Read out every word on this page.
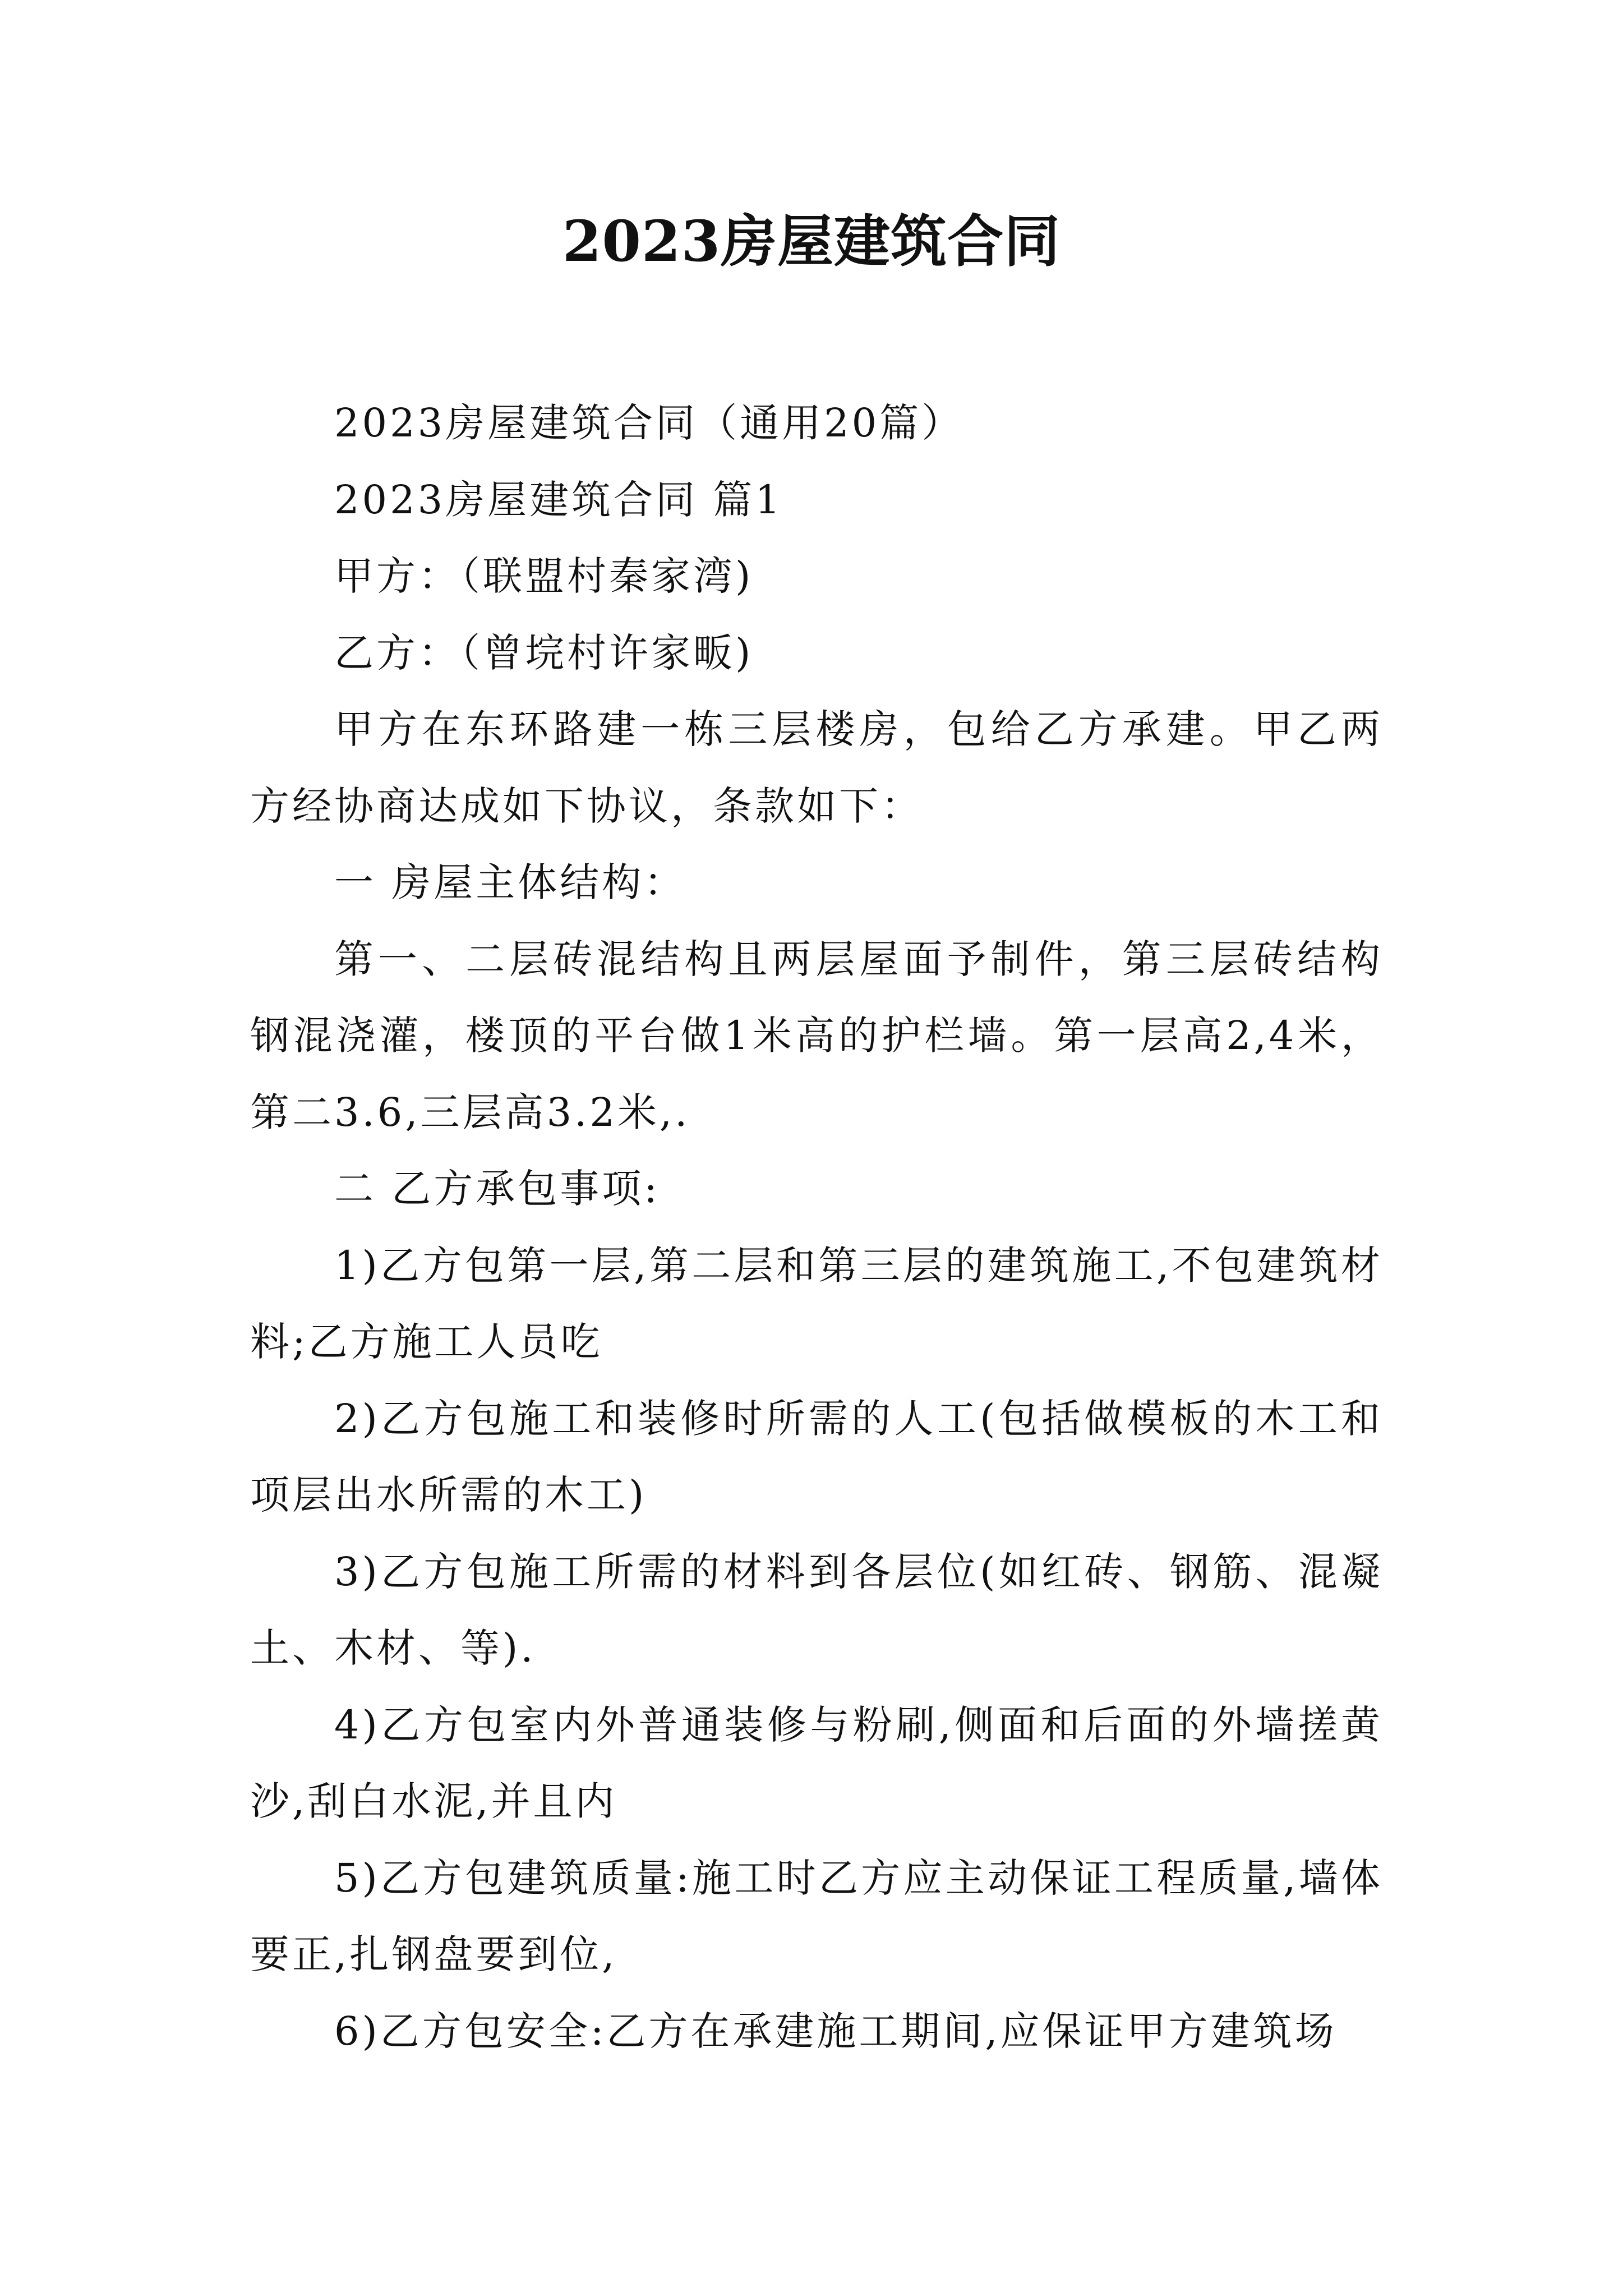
2023房屋建筑合同

2023房屋建筑合同（通用20篇）

2023房屋建筑合同 篇1

甲方：（联盟村秦家湾)

乙方：（曾垸村许家畈)

甲方在东环路建一栋三层楼房，包给乙方承建。甲乙两方经协商达成如下协议，条款如下：

一 房屋主体结构：

第一、二层砖混结构且两层屋面予制件，第三层砖结构钢混浇灌，楼顶的平台做1米高的护栏墙。第一层高2,4米，第二3.6,三层高3.2米,.

二 乙方承包事项:

1)乙方包第一层,第二层和第三层的建筑施工,不包建筑材料;乙方施工人员吃

2)乙方包施工和装修时所需的人工(包括做模板的木工和项层出水所需的木工)

3)乙方包施工所需的材料到各层位(如红砖、钢筋、混凝土、木材、等).

4)乙方包室内外普通装修与粉刷,侧面和后面的外墙搓黄沙,刮白水泥,并且内

5)乙方包建筑质量:施工时乙方应主动保证工程质量,墙体要正,扎钢盘要到位,

6)乙方包安全:乙方在承建施工期间,应保证甲方建筑场
